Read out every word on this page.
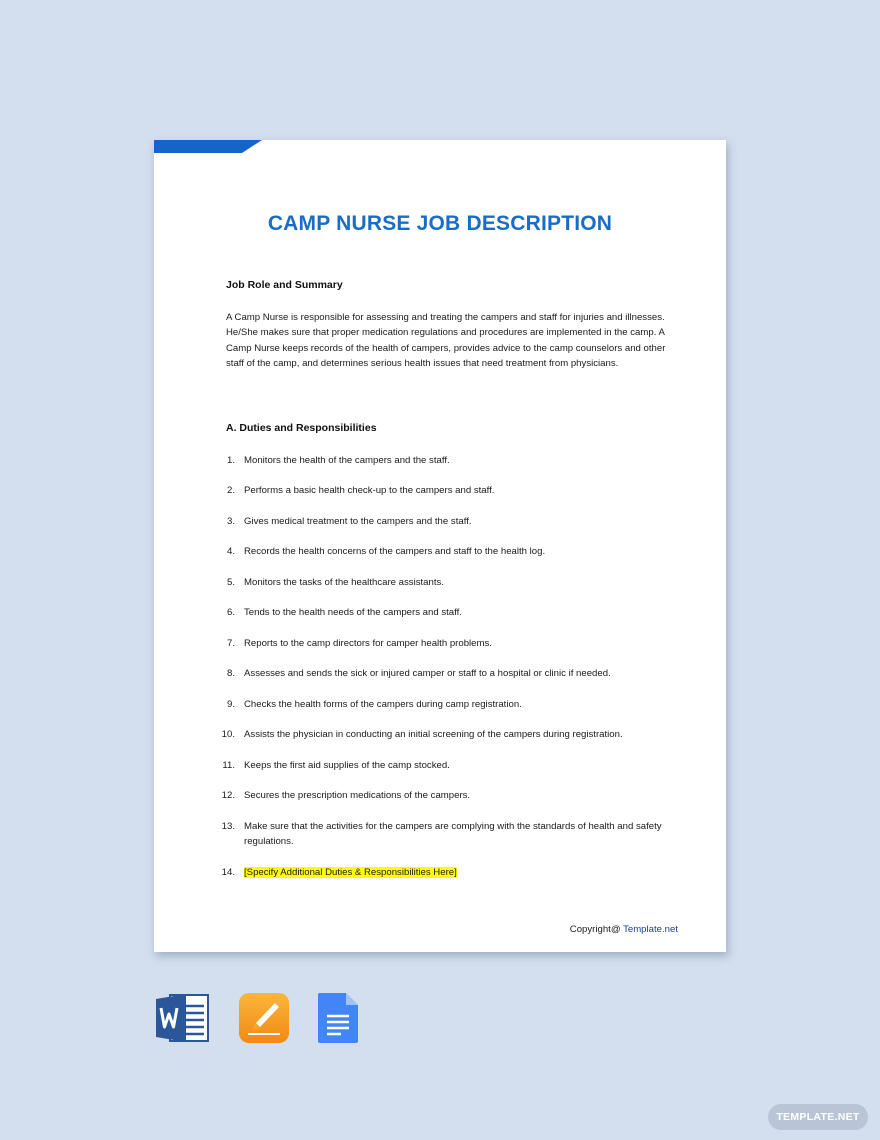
CAMP NURSE JOB DESCRIPTION
Job Role and Summary

A Camp Nurse is responsible for assessing and treating the campers and staff for injuries and illnesses. He/She makes sure that proper medication regulations and procedures are implemented in the camp. A Camp Nurse keeps records of the health of campers, provides advice to the camp counselors and other staff of the camp, and determines serious health issues that need treatment from physicians.

A. Duties and Responsibilities
1. Monitors the health of the campers and the staff.
2. Performs a basic health check-up to the campers and staff.
3. Gives medical treatment to the campers and the staff.
4. Records the health concerns of the campers and staff to the health log.
5. Monitors the tasks of the healthcare assistants.
6. Tends to the health needs of the campers and staff.
7. Reports to the camp directors for camper health problems.
8. Assesses and sends the sick or injured camper or staff to a hospital or clinic if needed.
9. Checks the health forms of the campers during camp registration.
10. Assists the physician in conducting an initial screening of the campers during registration.
11. Keeps the first aid supplies of the camp stocked.
12. Secures the prescription medications of the campers.
13. Make sure that the activities for the campers are complying with the standards of health and safety regulations.
14. [Specify Additional Duties & Responsibilities Here]
Copyright@ Template.net
TEMPLATE.NET
